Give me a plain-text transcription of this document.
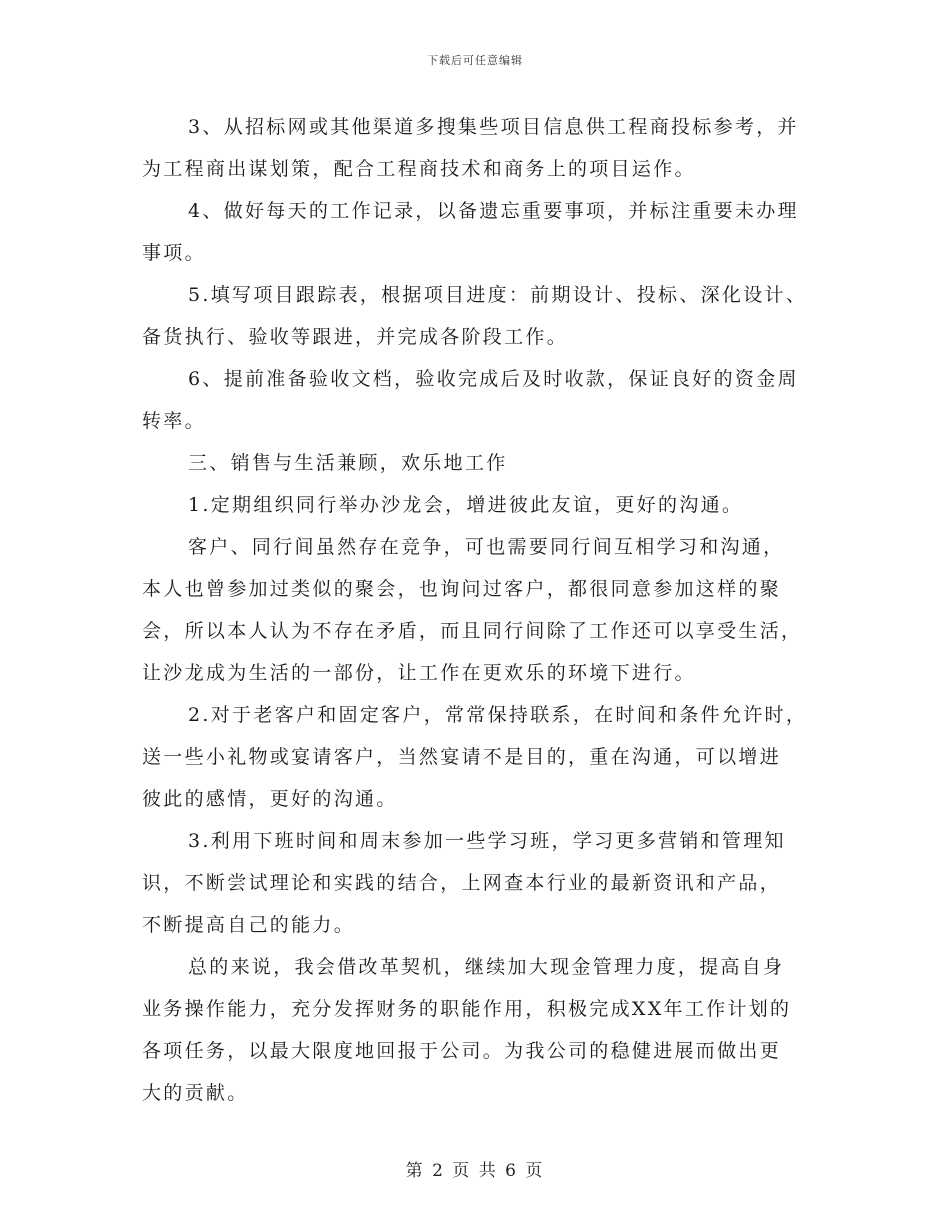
下载后可任意编辑
3、从招标网或其他渠道多搜集些项目信息供工程商投标参考，并
为工程商出谋划策，配合工程商技术和商务上的项目运作。
4、做好每天的工作记录，以备遗忘重要事项，并标注重要未办理
事项。
5.填写项目跟踪表，根据项目进度：前期设计、投标、深化设计、
备货执行、验收等跟进，并完成各阶段工作。
6、提前准备验收文档，验收完成后及时收款，保证良好的资金周
转率。
三、销售与生活兼顾，欢乐地工作
1.定期组织同行举办沙龙会，增进彼此友谊，更好的沟通。
客户、同行间虽然存在竞争，可也需要同行间互相学习和沟通，
本人也曾参加过类似的聚会，也询问过客户，都很同意参加这样的聚
会，所以本人认为不存在矛盾，而且同行间除了工作还可以享受生活，
让沙龙成为生活的一部份，让工作在更欢乐的环境下进行。
2.对于老客户和固定客户，常常保持联系，在时间和条件允许时，
送一些小礼物或宴请客户，当然宴请不是目的，重在沟通，可以增进
彼此的感情，更好的沟通。
3.利用下班时间和周末参加一些学习班，学习更多营销和管理知
识，不断尝试理论和实践的结合，上网查本行业的最新资讯和产品，
不断提高自己的能力。
总的来说，我会借改革契机，继续加大现金管理力度，提高自身
业务操作能力，充分发挥财务的职能作用，积极完成XX年工作计划的
各项任务，以最大限度地回报于公司。为我公司的稳健进展而做出更
大的贡献。
第 2 页 共 6 页
